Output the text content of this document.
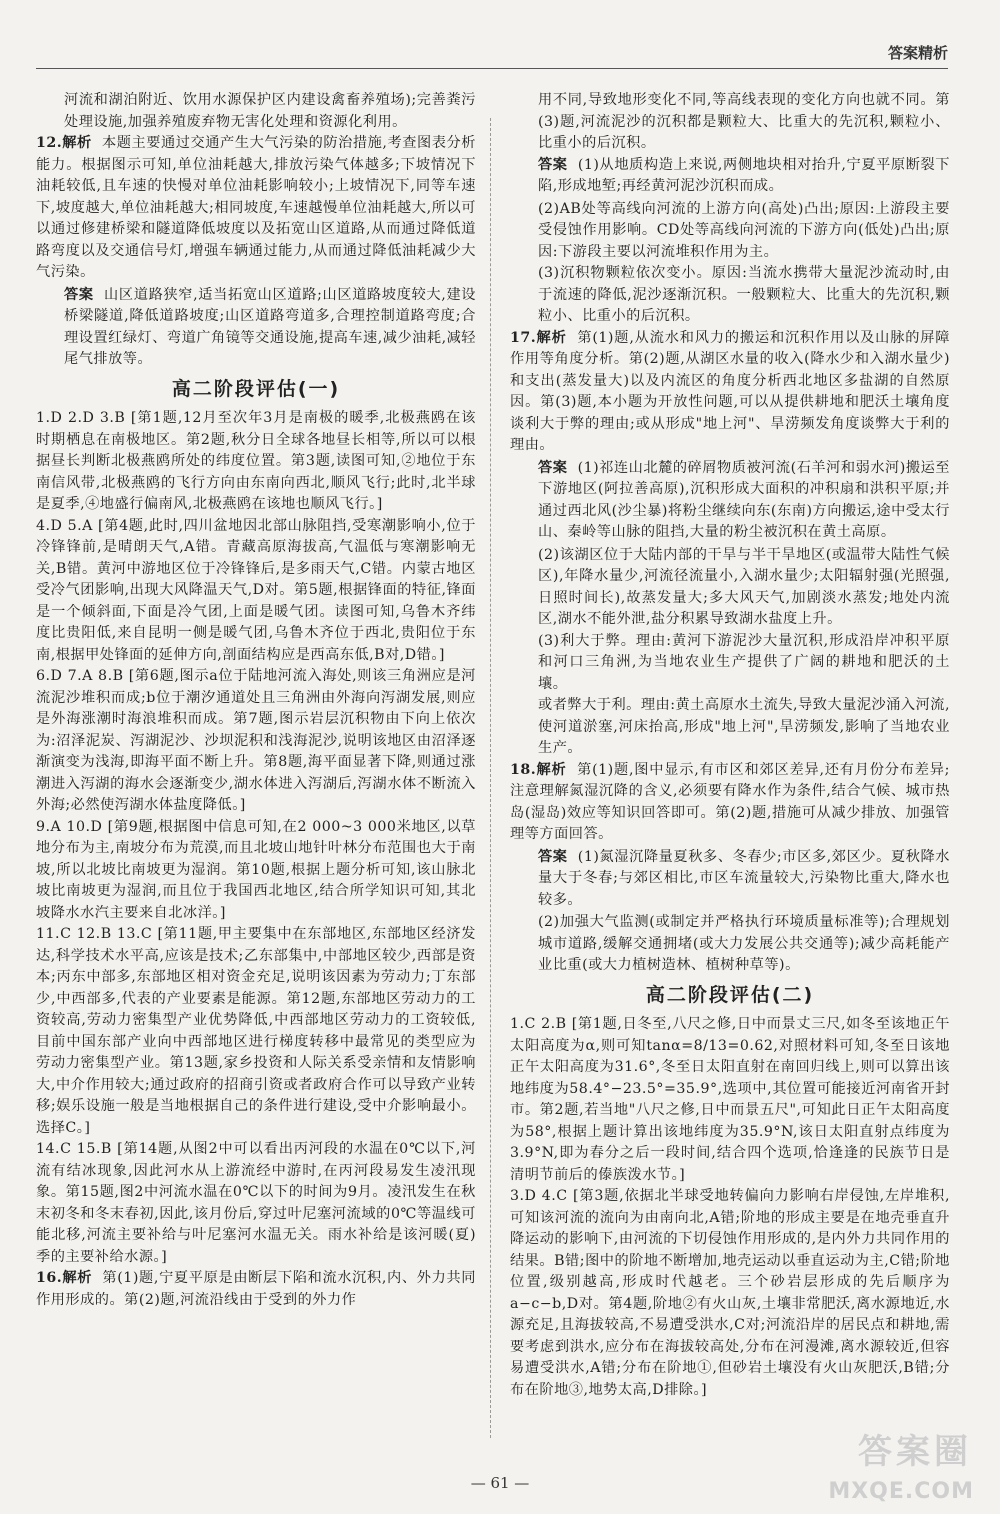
答案精析

河流和湖泊附近、饮用水源保护区内建设禽畜养殖场);完善粪污处理设施,加强养殖废弃物无害化处理和资源化利用。

12.解析 本题主要通过交通产生大气污染的防治措施,考查图表分析能力。根据图示可知,单位油耗越大,排放污染气体越多;下坡情况下油耗较低,且车速的快慢对单位油耗影响较小;上坡情况下,同等车速下,坡度越大,单位油耗越大;相同坡度,车速越慢单位油耗越大,所以可以通过修建桥梁和隧道降低坡度以及拓宽山区道路,从而通过降低道路弯度以及交通信号灯,增强车辆通过能力,从而通过降低油耗减少大气污染。
答案 山区道路狭窄,适当拓宽山区道路;山区道路坡度较大,建设桥梁隧道,降低道路坡度;山区道路弯道多,合理控制道路弯度;合理设置红绿灯、弯道广角镜等交通设施,提高车速,减少油耗,减轻尾气排放等。
高二阶段评估(一)

1.D 2.D 3.B [第1题,12月至次年3月是南极的暖季,北极燕鸥在该时期栖息在南极地区。第2题,秋分日全球各地昼长相等,所以可以根据昼长判断北极燕鸥所处的纬度位置。第3题,读图可知,②地位于东南信风带,北极燕鸥的飞行方向由东南向西北,顺风飞行;此时,北半球是夏季,④地盛行偏南风,北极燕鸥在该地也顺风飞行。]

4.D 5.A [第4题,此时,四川盆地因北部山脉阻挡,受寒潮影响小,位于冷锋锋前,是晴朗天气,A错。青藏高原海拔高,气温低与寒潮影响无关,B错。黄河中游地区位于冷锋锋后,是多雨天气,C错。内蒙古地区受冷气团影响,出现大风降温天气,D对。第5题,根据锋面的特征,锋面是一个倾斜面,下面是冷气团,上面是暖气团。读图可知,乌鲁木齐纬度比贵阳低,来自昆明一侧是暖气团,乌鲁木齐位于西北,贵阳位于东南,根据甲处锋面的延伸方向,剖面结构应是西高东低,B对,D错。]

6.D 7.A 8.B [第6题,图示a位于陆地河流入海处,则该三角洲应是河流泥沙堆积而成;b位于潮汐通道处且三角洲由外海向泻湖发展,则应是外海涨潮时海浪堆积而成。第7题,图示岩层沉积物由下向上依次为:沼泽泥炭、泻湖泥沙、沙坝泥积和浅海泥沙,说明该地区由沼泽逐渐演变为浅海,即海平面不断上升。第8题,海平面显著下降,则通过涨潮进入泻湖的海水会逐渐变少,湖水体进入泻湖后,泻湖水体不断流入外海;必然使泻湖水体盐度降低。]

9.A 10.D [第9题,根据图中信息可知,在2 000~3 000米地区,以草地分布为主,南坡分布为荒漠,而且北坡山地针叶林分布范围也大于南坡,所以北坡比南坡更为湿润。第10题,根据上题分析可知,该山脉北坡比南坡更为湿润,而且位于我国西北地区,结合所学知识可知,其北坡降水水汽主要来自北冰洋。]

11.C 12.B 13.C [第11题,甲主要集中在东部地区,东部地区经济发达,科学技术水平高,应该是技术;乙东部集中,中部地区较少,西部是资本;丙东中部多,东部地区相对资金充足,说明该因素为劳动力;丁东部少,中西部多,代表的产业要素是能源。第12题,东部地区劳动力的工资较高,劳动力密集型产业优势降低,中西部地区劳动力的工资较低,目前中国东部产业向中西部地区进行梯度转移中最常见的类型应为劳动力密集型产业。第13题,家乡投资和人际关系受亲情和友情影响大,中介作用较大;通过政府的招商引资或者政府合作可以导致产业转移;娱乐设施一般是当地根据自己的条件进行建设,受中介影响最小。选择C。]

14.C 15.B [第14题,从图2中可以看出丙河段的水温在0℃以下,河流有结冰现象,因此河水从上游流经中游时,在丙河段易发生凌汛现象。第15题,图2中河流水温在0℃以下的时间为9月。凌汛发生在秋末初冬和冬末春初,因此,该月份后,穿过叶尼塞河流域的0℃等温线可能北移,河流主要补给与叶尼塞河水温无关。雨水补给是该河暖(夏)季的主要补给水源。]

16.解析 第(1)题,宁夏平原是由断层下陷和流水沉积,内、外力共同作用形成的。第(2)题,河流沿线由于受到的外力作

用不同,导致地形变化不同,等高线表现的变化方向也就不同。第(3)题,河流泥沙的沉积都是颗粒大、比重大的先沉积,颗粒小、比重小的后沉积。

答案 (1)从地质构造上来说,两侧地块相对抬升,宁夏平原断裂下陷,形成地堑;再经黄河泥沙沉积而成。

(2)AB处等高线向河流的上游方向(高处)凸出;原因:上游段主要受侵蚀作用影响。CD处等高线向河流的下游方向(低处)凸出;原因:下游段主要以河流堆积作用为主。

(3)沉积物颗粒依次变小。原因:当流水携带大量泥沙流动时,由于流速的降低,泥沙逐渐沉积。一般颗粒大、比重大的先沉积,颗粒小、比重小的后沉积。

17.解析 第(1)题,从流水和风力的搬运和沉积作用以及山脉的屏障作用等角度分析。第(2)题,从湖区水量的收入(降水少和入湖水量少)和支出(蒸发量大)以及内流区的角度分析西北地区多盐湖的自然原因。第(3)题,本小题为开放性问题,可以从提供耕地和肥沃土壤角度谈利大于弊的理由;或从形成"地上河"、旱涝频发角度谈弊大于利的理由。
答案 (1)祁连山北麓的碎屑物质被河流(石羊河和弱水河)搬运至下游地区(阿拉善高原),沉积形成大面积的冲积扇和洪积平原;并通过西北风(沙尘暴)将粉尘继续向东(东南)方向搬运,途中受太行山、秦岭等山脉的阻挡,大量的粉尘被沉积在黄土高原。

(2)该湖区位于大陆内部的干旱与半干旱地区(或温带大陆性气候区),年降水量少,河流径流量小,入湖水量少;太阳辐射强(光照强,日照时间长),故蒸发量大;多大风天气,加剧淡水蒸发;地处内流区,湖水不能外泄,盐分积累导致湖水盐度上升。

(3)利大于弊。理由:黄河下游泥沙大量沉积,形成沿岸冲积平原和河口三角洲,为当地农业生产提供了广阔的耕地和肥沃的土壤。

或者弊大于利。理由:黄土高原水土流失,导致大量泥沙涌入河流,使河道淤塞,河床抬高,形成"地上河",旱涝频发,影响了当地农业生产。

18.解析 第(1)题,图中显示,有市区和郊区差异,还有月份分布差异;注意理解氮湿沉降的含义,必须要有降水作为条件,结合气候、城市热岛(湿岛)效应等知识回答即可。第(2)题,措施可从减少排放、加强管理等方面回答。
答案 (1)氮湿沉降量夏秋多、冬春少;市区多,郊区少。夏秋降水量大于冬春;与郊区相比,市区车流量较大,污染物比重大,降水也较多。

(2)加强大气监测(或制定并严格执行环境质量标准等);合理规划城市道路,缓解交通拥堵(或大力发展公共交通等);减少高耗能产业比重(或大力植树造林、植树种草等)。

高二阶段评估(二)

1.C 2.B [第1题,日冬至,八尺之修,日中而景丈三尺,如冬至该地正午太阳高度为α,则可知tanα=8/13=0.62,对照材料可知,冬至日该地正午太阳高度为31.6°,冬至日太阳直射在南回归线上,则可以算出该地纬度为58.4°−23.5°=35.9°,选项中,其位置可能接近河南省开封市。第2题,若当地"八尺之修,日中而景五尺",可知此日正午太阳高度为58°,根据上题计算出该地纬度为35.9°N,该日太阳直射点纬度为3.9°N,即为春分之后一段时间,结合四个选项,恰逢逢的民族节日是清明节前后的傣族泼水节。]

3.D 4.C [第3题,依据北半球受地转偏向力影响右岸侵蚀,左岸堆积,可知该河流的流向为由南向北,A错;阶地的形成主要是在地壳垂直升降运动的影响下,由河流的下切侵蚀作用形成的,是内外力共同作用的结果。B错;图中的阶地不断增加,地壳运动以垂直运动为主,C错;阶地位置,级别越高,形成时代越老。三个砂岩层形成的先后顺序为a−c−b,D对。第4题,阶地②有火山灰,土壤非常肥沃,离水源地近,水源充足,且海拔较高,不易遭受洪水,C对;河流沿岸的居民点和耕地,需要考虑到洪水,应分布在海拔较高处,分布在河漫滩,离水源较近,但容易遭受洪水,A错;分布在阶地①,但砂岩土壤没有火山灰肥沃,B错;分布在阶地③,地势太高,D排除。]

— 61 —
答案圈
MXQE.COM
